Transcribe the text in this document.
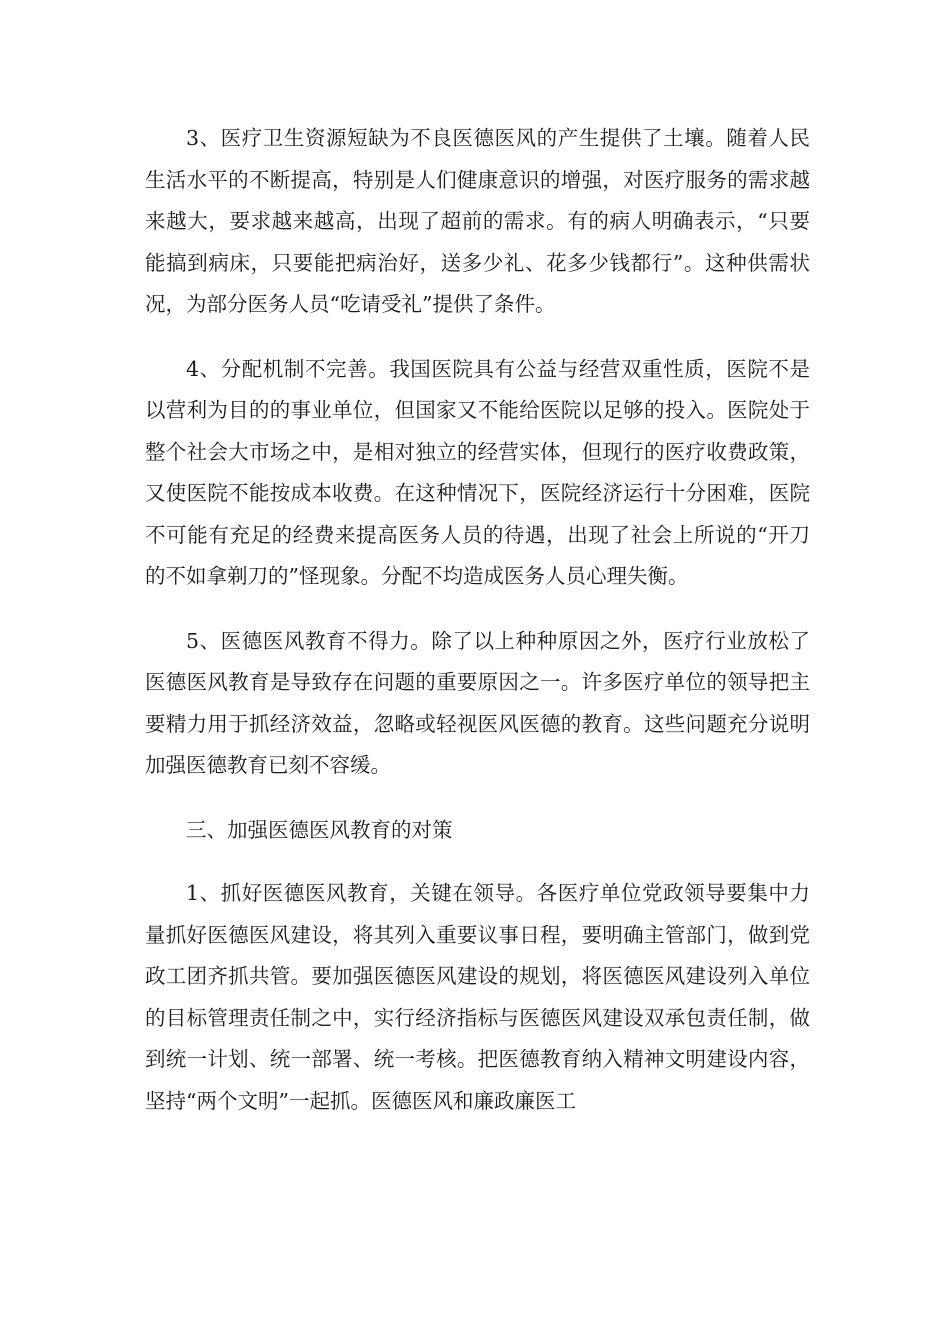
3、医疗卫生资源短缺为不良医德医风的产生提供了土壤。随着人民生活水平的不断提高，特别是人们健康意识的增强，对医疗服务的需求越来越大，要求越来越高，出现了超前的需求。有的病人明确表示，“只要能搞到病床，只要能把病治好，送多少礼、花多少钱都行”。这种供需状况，为部分医务人员“吃请受礼”提供了条件。

4、分配机制不完善。我国医院具有公益与经营双重性质，医院不是以营利为目的的事业单位，但国家又不能给医院以足够的投入。医院处于整个社会大市场之中，是相对独立的经营实体，但现行的医疗收费政策，又使医院不能按成本收费。在这种情况下，医院经济运行十分困难，医院不可能有充足的经费来提高医务人员的待遇，出现了社会上所说的“开刀的不如拿剃刀的”怪现象。分配不均造成医务人员心理失衡。

5、医德医风教育不得力。除了以上种种原因之外，医疗行业放松了医德医风教育是导致存在问题的重要原因之一。许多医疗单位的领导把主要精力用于抓经济效益，忽略或轻视医风医德的教育。这些问题充分说明加强医德教育已刻不容缓。

三、加强医德医风教育的对策

1、抓好医德医风教育，关键在领导。各医疗单位党政领导要集中力量抓好医德医风建设，将其列入重要议事日程，要明确主管部门，做到党政工团齐抓共管。要加强医德医风建设的规划，将医德医风建设列入单位的目标管理责任制之中，实行经济指标与医德医风建设双承包责任制，做到统一计划、统一部署、统一考核。把医德教育纳入精神文明建设内容，坚持“两个文明”一起抓。医德医风和廉政廉医工
